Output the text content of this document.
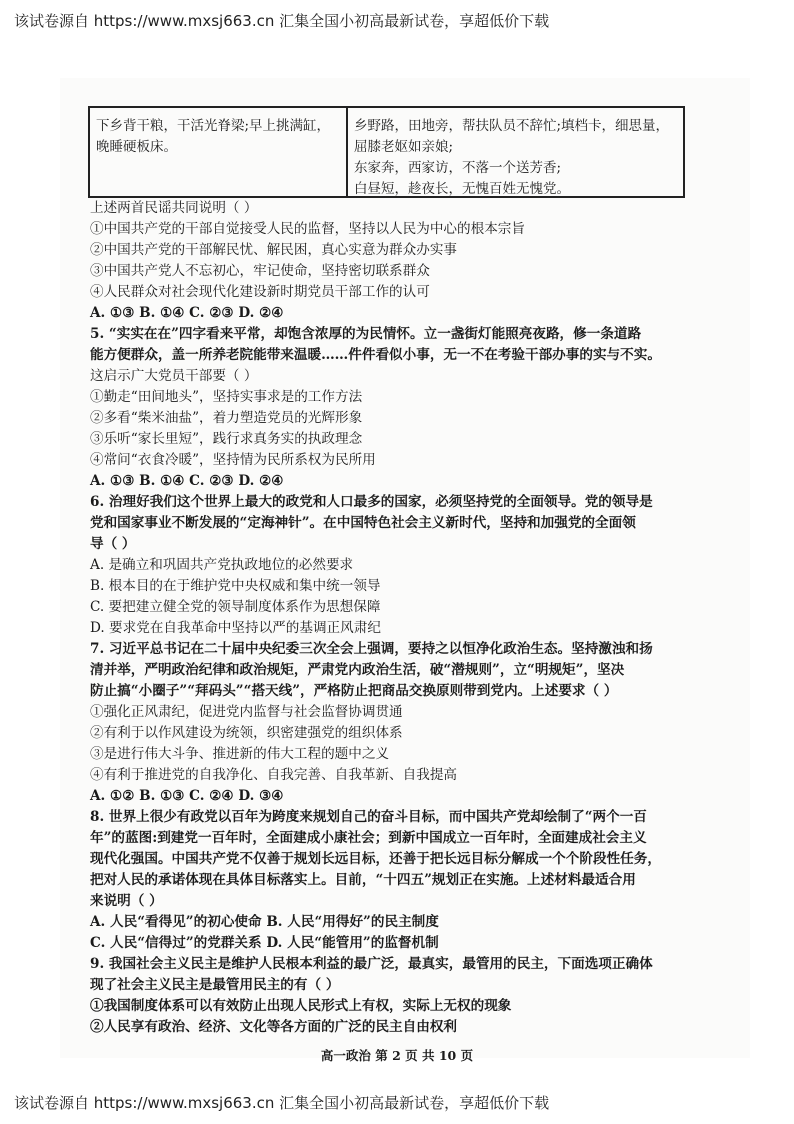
该试卷源自 https://www.mxsj663.cn 汇集全国小初高最新试卷，享超低价下载
下乡背干粮，干活光脊梁;早上挑满缸，
晚睡硬板床。
乡野路，田地旁，帮扶队员不辞忙;填档卡，细思量，
屈膝老妪如亲娘;
东家奔，西家访，不落一个送芳香;
白昼短，趁夜长，无愧百姓无愧党。
上述两首民谣共同说明（ ）
①中国共产党的干部自觉接受人民的监督，坚持以人民为中心的根本宗旨
②中国共产党的干部解民忧、解民困，真心实意为群众办实事
③中国共产党人不忘初心，牢记使命，坚持密切联系群众
④人民群众对社会现代化建设新时期党员干部工作的认可
A. ①③ B. ①④ C. ②③ D. ②④
5. “实实在在”四字看来平常，却饱含浓厚的为民情怀。立一盏街灯能照亮夜路，修一条道路
能方便群众，盖一所养老院能带来温暖……件件看似小事，无一不在考验干部办事的实与不实。
这启示广大党员干部要（ ）
①勤走“田间地头”，坚持实事求是的工作方法
②多看“柴米油盐”，着力塑造党员的光辉形象
③乐听“家长里短”，践行求真务实的执政理念
④常问“衣食冷暖”，坚持情为民所系权为民所用
A. ①③ B. ①④ C. ②③ D. ②④
6. 治理好我们这个世界上最大的政党和人口最多的国家，必须坚持党的全面领导。党的领导是
党和国家事业不断发展的“定海神针”。在中国特色社会主义新时代，坚持和加强党的全面领
导（ ）
A. 是确立和巩固共产党执政地位的必然要求
B. 根本目的在于维护党中央权威和集中统一领导
C. 要把建立健全党的领导制度体系作为思想保障
D. 要求党在自我革命中坚持以严的基调正风肃纪
7. 习近平总书记在二十届中央纪委三次全会上强调，要持之以恒净化政治生态。坚持激浊和扬
清并举，严明政治纪律和政治规矩，严肃党内政治生活，破“潜规则”，立“明规矩”，坚决
防止搞“小圈子”“拜码头”“搭天线”，严格防止把商品交换原则带到党内。上述要求（ ）
①强化正风肃纪，促进党内监督与社会监督协调贯通
②有利于以作风建设为统领，织密建强党的组织体系
③是进行伟大斗争、推进新的伟大工程的题中之义
④有利于推进党的自我净化、自我完善、自我革新、自我提高
A. ①② B. ①③ C. ②④ D. ③④
8. 世界上很少有政党以百年为跨度来规划自己的奋斗目标，而中国共产党却绘制了“两个一百
年”的蓝图:到建党一百年时，全面建成小康社会；到新中国成立一百年时，全面建成社会主义
现代化强国。中国共产党不仅善于规划长远目标，还善于把长远目标分解成一个个阶段性任务，
把对人民的承诺体现在具体目标落实上。目前，“十四五”规划正在实施。上述材料最适合用
来说明（ ）
A. 人民“看得见”的初心使命 B. 人民“用得好”的民主制度
C. 人民“信得过”的党群关系 D. 人民“能管用”的监督机制
9. 我国社会主义民主是维护人民根本利益的最广泛，最真实，最管用的民主，下面选项正确体
现了社会主义民主是最管用民主的有（ ）
①我国制度体系可以有效防止出现人民形式上有权，实际上无权的现象
②人民享有政治、经济、文化等各方面的广泛的民主自由权利
高一政治 第 2 页 共 10 页
该试卷源自 https://www.mxsj663.cn 汇集全国小初高最新试卷，享超低价下载
